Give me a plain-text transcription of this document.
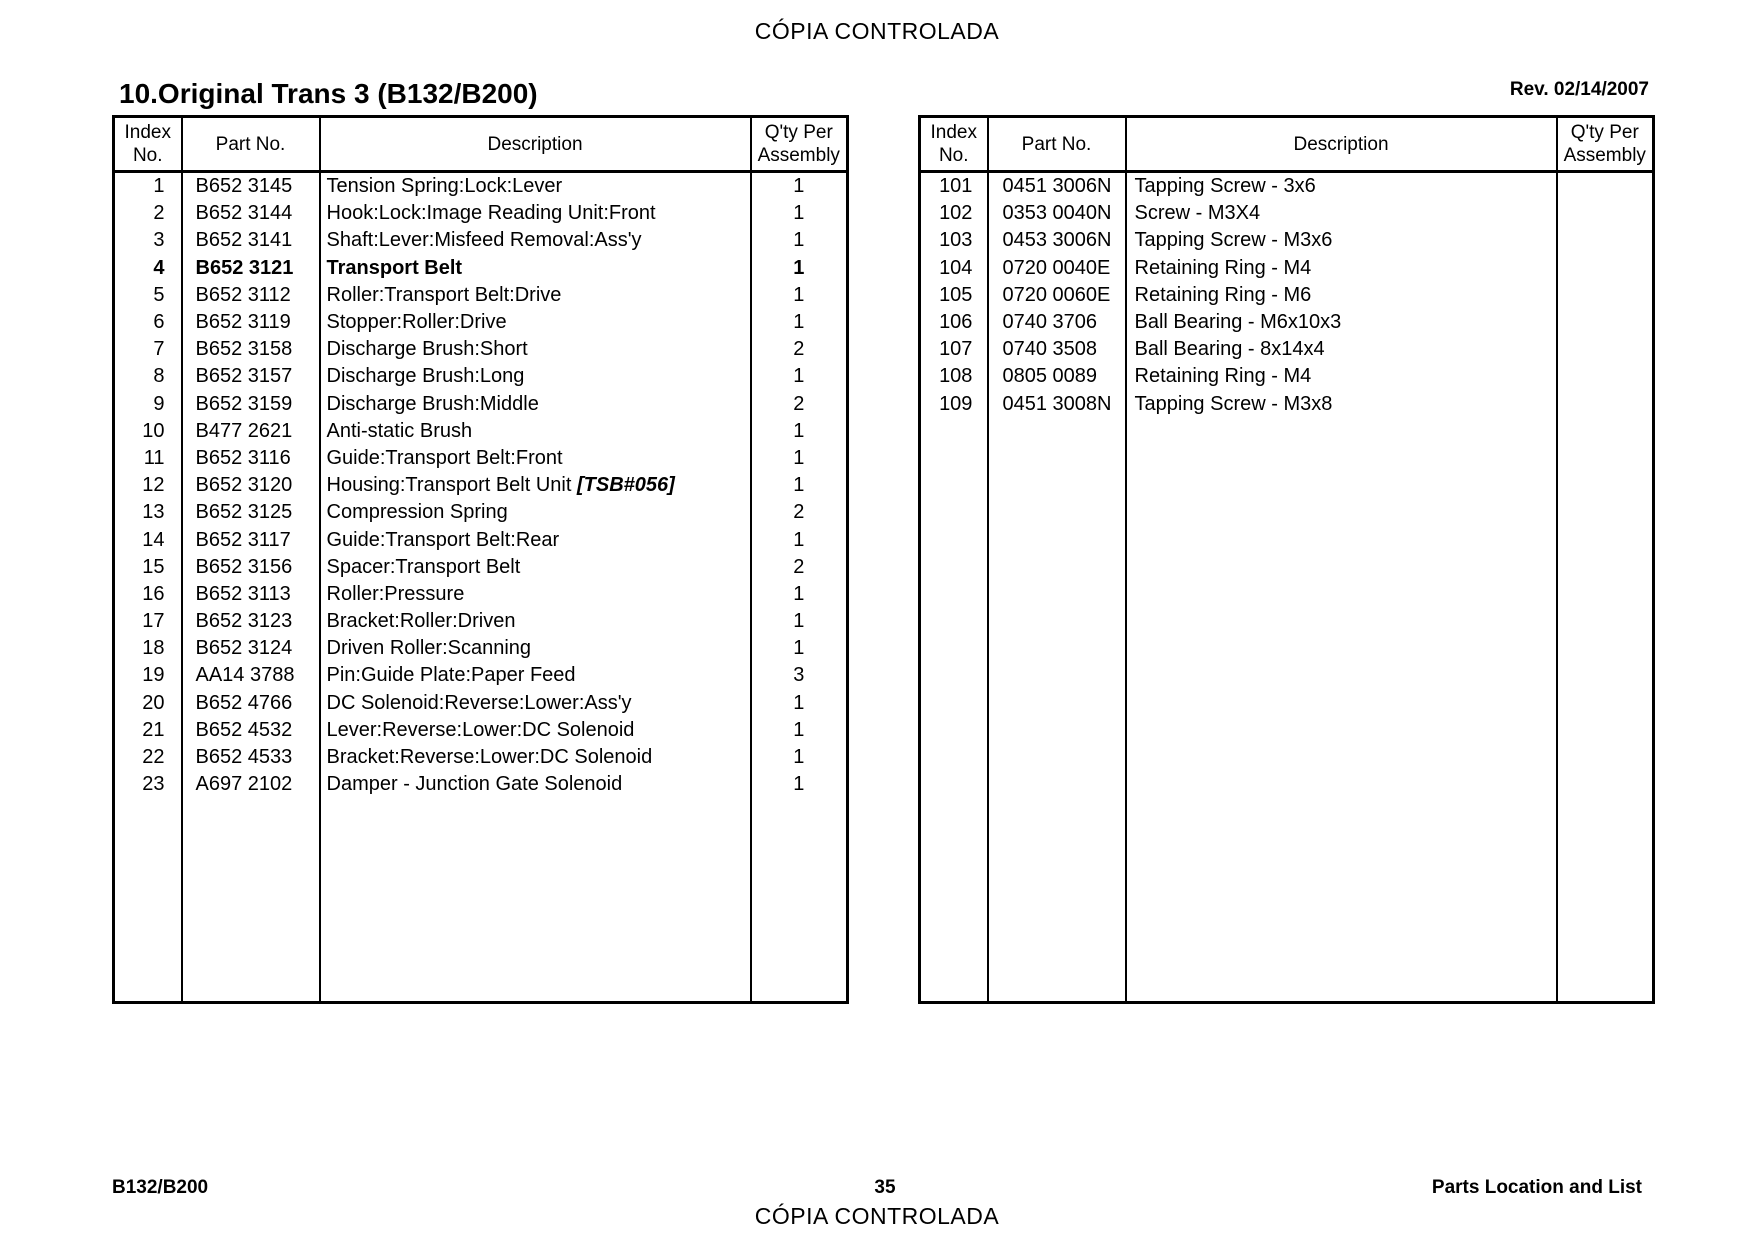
CÓPIA CONTROLADA
10.Original Trans 3 (B132/B200)	Rev. 02/14/2007
Index No.	Part No.	Description	Q'ty Per Assembly
1	B652 3145	Tension Spring:Lock:Lever	1
2	B652 3144	Hook:Lock:Image Reading Unit:Front	1
3	B652 3141	Shaft:Lever:Misfeed Removal:Ass'y	1
4	B652 3121	Transport Belt	1
5	B652 3112	Roller:Transport Belt:Drive	1
6	B652 3119	Stopper:Roller:Drive	1
7	B652 3158	Discharge Brush:Short	2
8	B652 3157	Discharge Brush:Long	1
9	B652 3159	Discharge Brush:Middle	2
10	B477 2621	Anti-static Brush	1
11	B652 3116	Guide:Transport Belt:Front	1
12	B652 3120	Housing:Transport Belt Unit [TSB#056]	1
13	B652 3125	Compression Spring	2
14	B652 3117	Guide:Transport Belt:Rear	1
15	B652 3156	Spacer:Transport Belt	2
16	B652 3113	Roller:Pressure	1
17	B652 3123	Bracket:Roller:Driven	1
18	B652 3124	Driven Roller:Scanning	1
19	AA14 3788	Pin:Guide Plate:Paper Feed	3
20	B652 4766	DC Solenoid:Reverse:Lower:Ass'y	1
21	B652 4532	Lever:Reverse:Lower:DC Solenoid	1
22	B652 4533	Bracket:Reverse:Lower:DC Solenoid	1
23	A697 2102	Damper - Junction Gate Solenoid	1

Index No.	Part No.	Description	Q'ty Per Assembly
101	0451 3006N	Tapping Screw - 3x6	
102	0353 0040N	Screw - M3X4	
103	0453 3006N	Tapping Screw - M3x6	
104	0720 0040E	Retaining Ring - M4	
105	0720 0060E	Retaining Ring - M6	
106	0740 3706	Ball Bearing - M6x10x3	
107	0740 3508	Ball Bearing - 8x14x4	
108	0805 0089	Retaining Ring - M4	
109	0451 3008N	Tapping Screw - M3x8	

B132/B200	35	Parts Location and List
CÓPIA CONTROLADA
